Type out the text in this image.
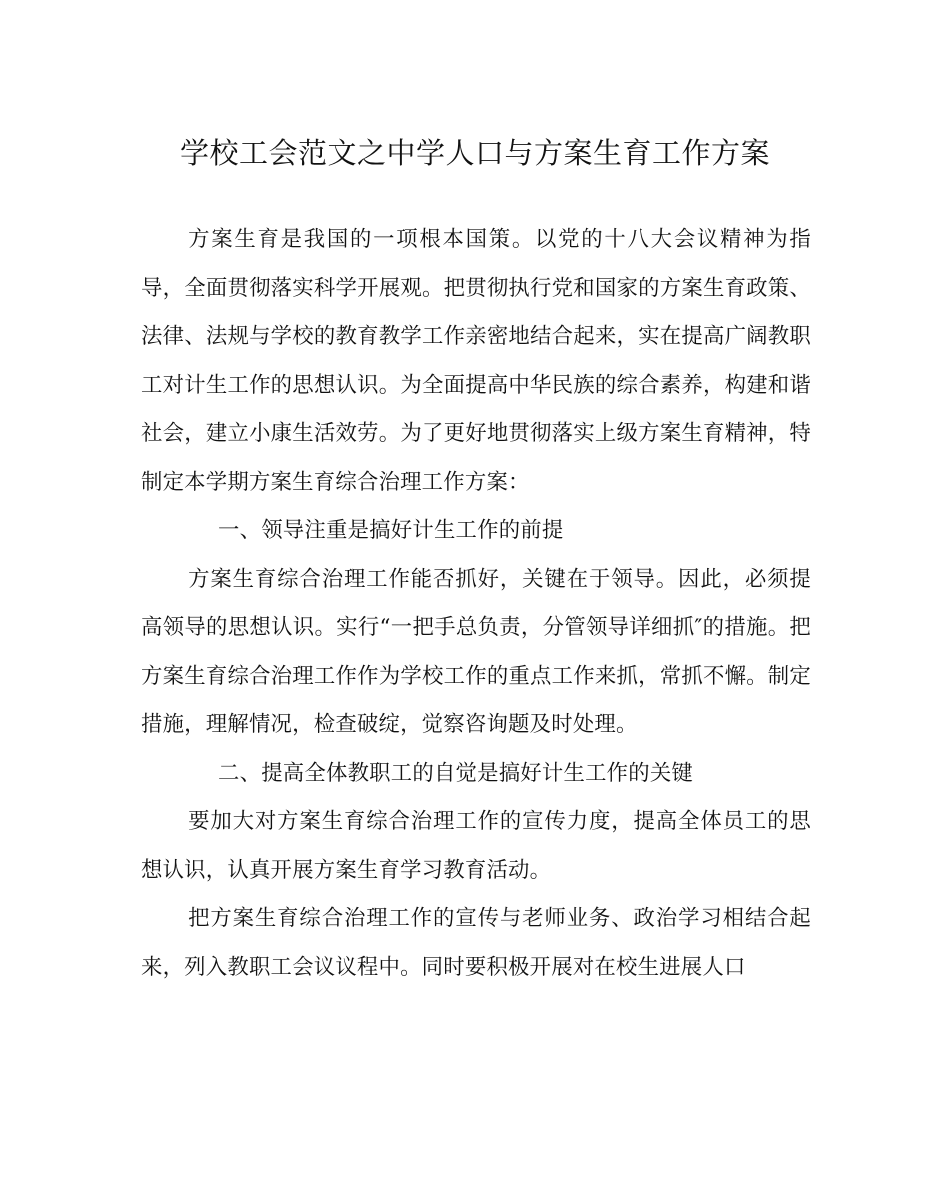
学校工会范文之中学人口与方案生育工作方案

方案生育是我国的一项根本国策。以党的十八大会议精神为指导，全面贯彻落实科学开展观。把贯彻执行党和国家的方案生育政策、法律、法规与学校的教育教学工作亲密地结合起来，实在提高广阔教职工对计生工作的思想认识。为全面提高中华民族的综合素养，构建和谐社会，建立小康生活效劳。为了更好地贯彻落实上级方案生育精神，特制定本学期方案生育综合治理工作方案：

一、领导注重是搞好计生工作的前提

方案生育综合治理工作能否抓好，关键在于领导。因此，必须提高领导的思想认识。实行“一把手总负责，分管领导详细抓″的措施。把方案生育综合治理工作作为学校工作的重点工作来抓，常抓不懈。制定措施，理解情况，检查破绽，觉察咨询题及时处理。

二、提高全体教职工的自觉是搞好计生工作的关键

要加大对方案生育综合治理工作的宣传力度，提高全体员工的思想认识，认真开展方案生育学习教育活动。

把方案生育综合治理工作的宣传与老师业务、政治学习相结合起来，列入教职工会议议程中。同时要积极开展对在校生进展人口
